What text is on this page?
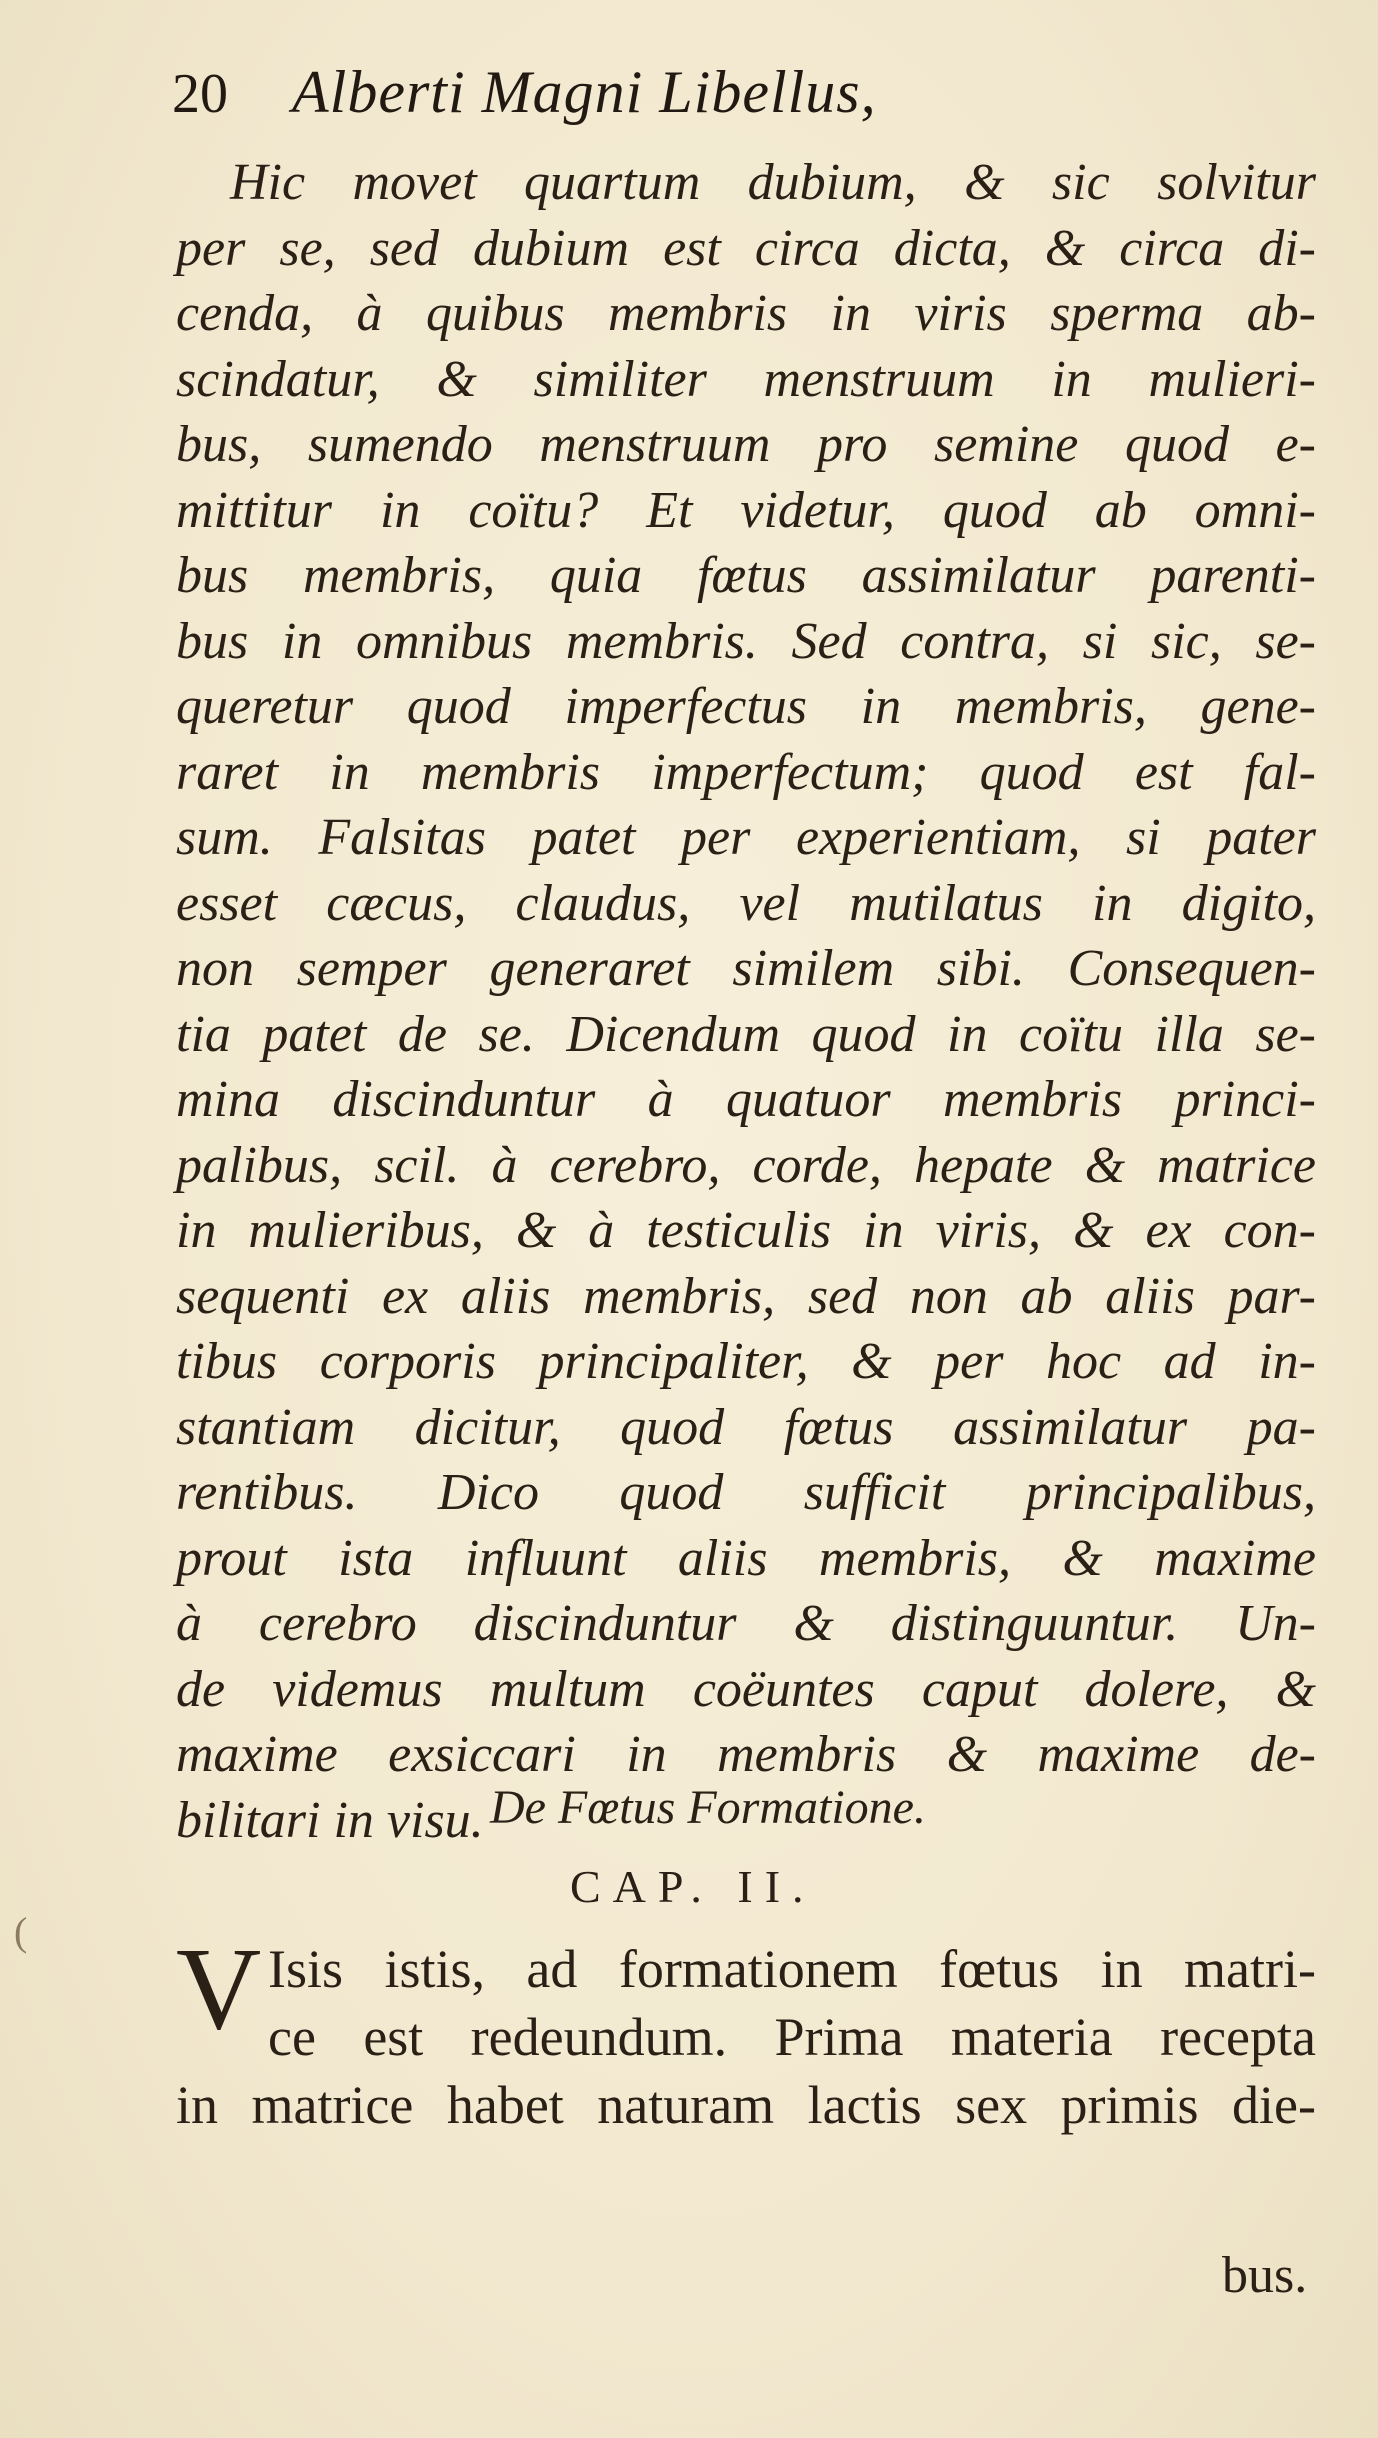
20 Alberti Magni Libellus,
Hic movet quartum dubium, & sic solvitur
per se, sed dubium est circa dicta, & circa di-
cenda, à quibus membris in viris sperma ab-
scindatur, & similiter menstruum in mulieri-
bus, sumendo menstruum pro semine quod e-
mittitur in coïtu? Et videtur, quod ab omni-
bus membris, quia fœtus assimilatur parenti-
bus in omnibus membris. Sed contra, si sic, se-
queretur quod imperfectus in membris, gene-
raret in membris imperfectum; quod est fal-
sum. Falsitas patet per experientiam, si pater
esset cæcus, claudus, vel mutilatus in digito,
non semper generaret similem sibi. Consequen-
tia patet de se. Dicendum quod in coïtu illa se-
mina discinduntur à quatuor membris princi-
palibus, scil. à cerebro, corde, hepate & matrice
in mulieribus, & à testiculis in viris, & ex con-
sequenti ex aliis membris, sed non ab aliis par-
tibus corporis principaliter, & per hoc ad in-
stantiam dicitur, quod fœtus assimilatur pa-
rentibus. Dico quod sufficit principalibus,
prout ista influunt aliis membris, & maxime
à cerebro discinduntur & distinguuntur. Un-
de videmus multum coëuntes caput dolere, &
maxime exsiccari in membris & maxime de-
bilitari in visu. De Fœtus Formatione.
CAP. II.
V Isis istis, ad formationem fœtus in matri-
ce est redeundum. Prima materia recepta
in matrice habet naturam lactis sex primis die-
bus.
(
